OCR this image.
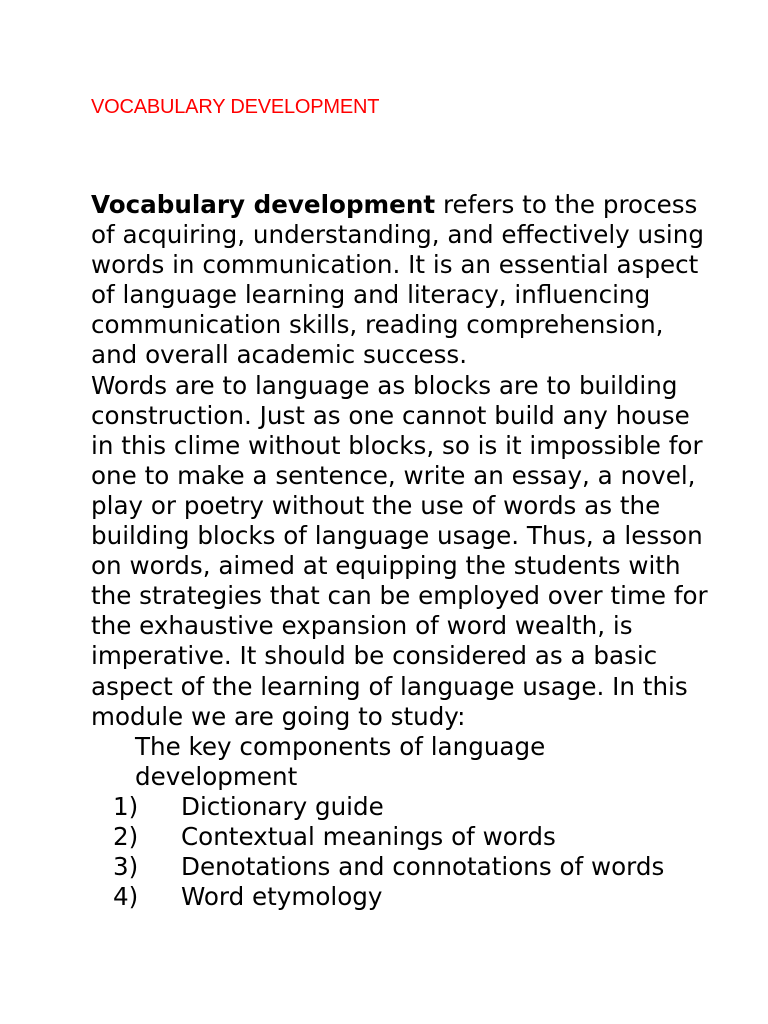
VOCABULARY DEVELOPMENT
Vocabulary development refers to the process
of acquiring, understanding, and effectively using
words in communication. It is an essential aspect
of language learning and literacy, influencing
communication skills, reading comprehension,
and overall academic success.
Words are to language as blocks are to building
construction. Just as one cannot build any house
in this clime without blocks, so is it impossible for
one to make a sentence, write an essay, a novel,
play or poetry without the use of words as the
building blocks of language usage. Thus, a lesson
on words, aimed at equipping the students with
the strategies that can be employed over time for
the exhaustive expansion of word wealth, is
imperative. It should be considered as a basic
aspect of the learning of language usage. In this
module we are going to study:
The key components of language
development
1) Dictionary guide
2) Contextual meanings of words
3) Denotations and connotations of words
4) Word etymology
